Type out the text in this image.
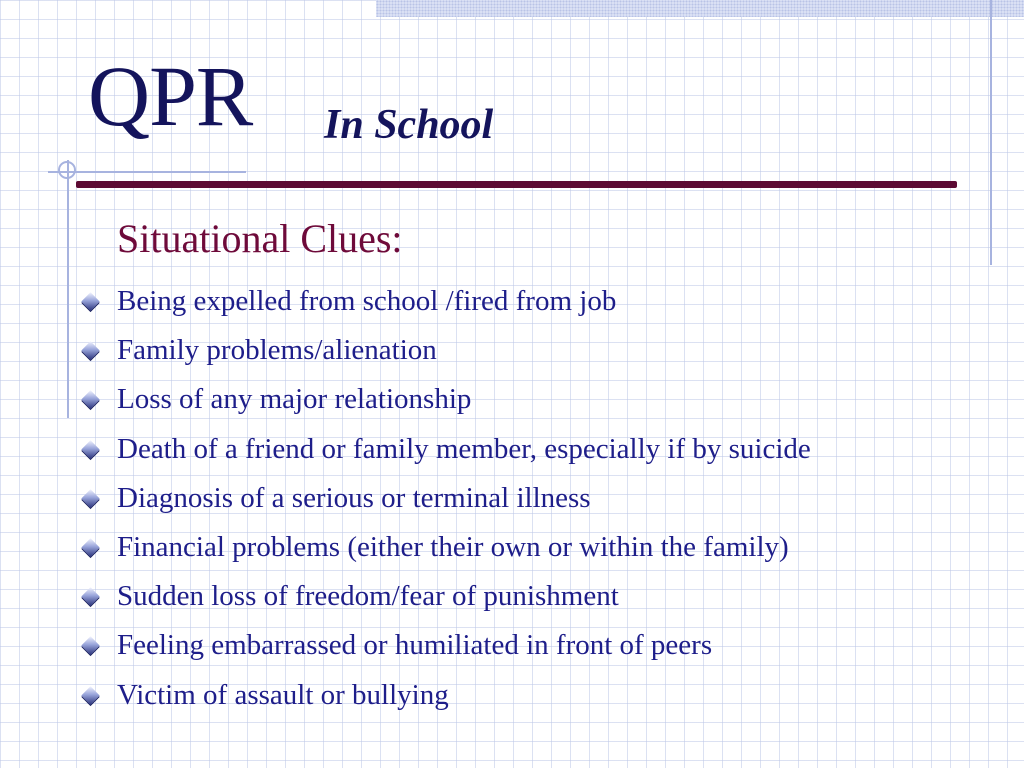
QPR In School
Situational Clues:
Being expelled from school /fired from job
Family problems/alienation
Loss of any major relationship
Death of a friend or family member, especially if by suicide
Diagnosis of a serious or terminal illness
Financial problems (either their own or within the family)
Sudden loss of freedom/fear of punishment
Feeling embarrassed or humiliated in front of peers
Victim of assault or bullying
